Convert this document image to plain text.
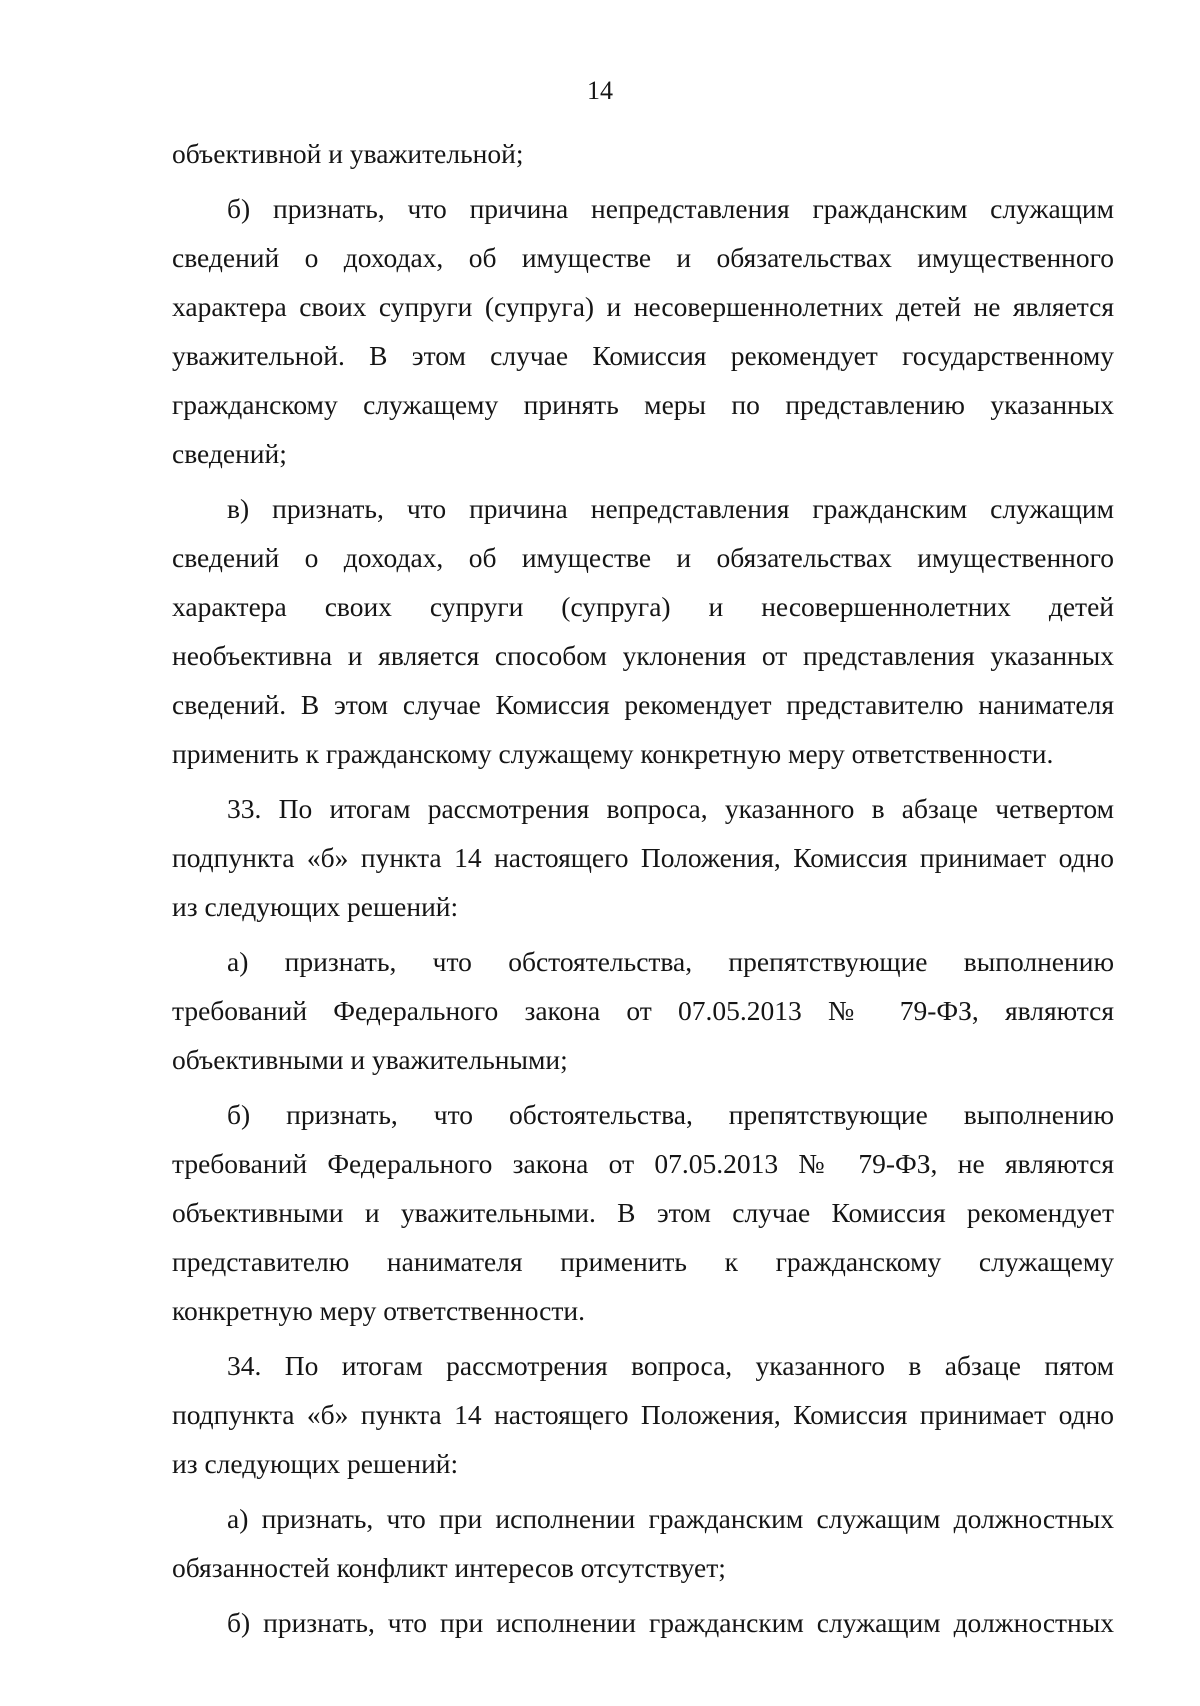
14
объективной и уважительной;
б) признать, что причина непредставления гражданским служащим
сведений о доходах, об имуществе и обязательствах имущественного
характера своих супруги (супруга) и несовершеннолетних детей не является
уважительной. В этом случае Комиссия рекомендует государственному
гражданскому служащему принять меры по представлению указанных
сведений;
в) признать, что причина непредставления гражданским служащим
сведений о доходах, об имуществе и обязательствах имущественного
характера своих супруги (супруга) и несовершеннолетних детей
необъективна и является способом уклонения от представления указанных
сведений. В этом случае Комиссия рекомендует представителю нанимателя
применить к гражданскому служащему конкретную меру ответственности.
33. По итогам рассмотрения вопроса, указанного в абзаце четвертом
подпункта «б» пункта 14 настоящего Положения, Комиссия принимает одно
из следующих решений:
а) признать, что обстоятельства, препятствующие выполнению
требований Федерального закона от 07.05.2013 № 79-ФЗ, являются
объективными и уважительными;
б) признать, что обстоятельства, препятствующие выполнению
требований Федерального закона от 07.05.2013 № 79-ФЗ, не являются
объективными и уважительными. В этом случае Комиссия рекомендует
представителю нанимателя применить к гражданскому служащему
конкретную меру ответственности.
34. По итогам рассмотрения вопроса, указанного в абзаце пятом
подпункта «б» пункта 14 настоящего Положения, Комиссия принимает одно
из следующих решений:
а) признать, что при исполнении гражданским служащим должностных
обязанностей конфликт интересов отсутствует;
б) признать, что при исполнении гражданским служащим должностных
